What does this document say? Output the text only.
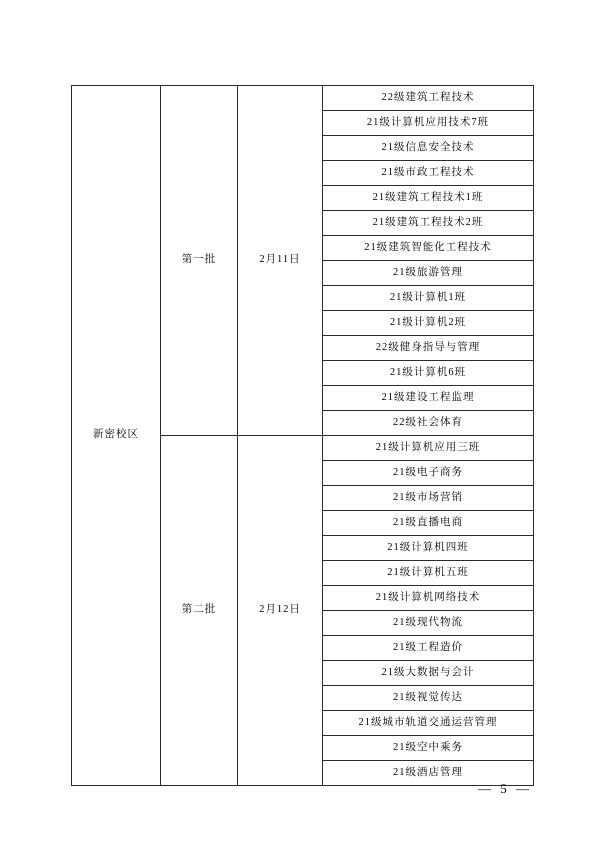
新密校区	第一批	2月11日	22级建筑工程技术
			21级计算机应用技术7班
			21级信息安全技术
			21级市政工程技术
			21级建筑工程技术1班
			21级建筑工程技术2班
			21级建筑智能化工程技术
			21级旅游管理
			21级计算机1班
			21级计算机2班
			22级健身指导与管理
			21级计算机6班
			21级建设工程监理
			22级社会体育
	第二批	2月12日	21级计算机应用三班
			21级电子商务
			21级市场营销
			21级直播电商
			21级计算机四班
			21级计算机五班
			21级计算机网络技术
			21级现代物流
			21级工程造价
			21级大数据与会计
			21级视觉传达
			21级城市轨道交通运营管理
			21级空中乘务
			21级酒店管理
— 5 —
